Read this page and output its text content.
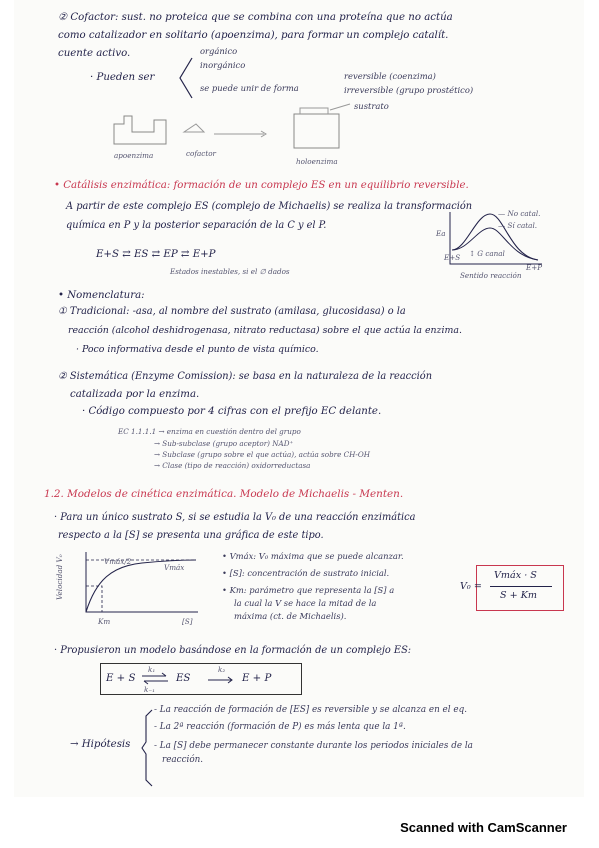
② Cofactor: sust. no proteica que se combina con una proteína que no actúa
como catalizador en solitario (apoenzima), para formar un complejo catalít.
cuente activo.	orgánico
inorgánico
· Pueden ser
se puede unir de forma
reversible (coenzima)
irreversible (grupo prostético)
sustrato
apoenzima	cofactor
holoenzima
• Catálisis enzimática: formación de un complejo ES en un equilibrio reversible.
A partir de este complejo ES (complejo de Michaelis) se realiza la transformación
química en P y la posterior separación de la C y el P.
E+S ⇄ ES ⇄ EP ⇄ E+P
Estados inestables, si el ∅ dados
— No catal.
— Sí catal.
Ea
E+S ↕ G canal
E+P
Sentido reacción
• Nomenclatura:
① Tradicional: -asa, al nombre del sustrato (amilasa, glucosidasa) o la
reacción (alcohol deshidrogenasa, nitrato reductasa) sobre el que actúa la enzima.
· Poco informativa desde el punto de vista químico.
② Sistemática (Enzyme Comission): se basa en la naturaleza de la reacción
catalizada por la enzima.
· Código compuesto por 4 cifras con el prefijo EC delante.
EC 1.1.1.1 → enzima en cuestión dentro del grupo
→ Sub-subclase (grupo aceptor) NAD⁺
→ Subclase (grupo sobre el que actúa), actúa sobre CH-OH
→ Clase (tipo de reacción) oxidorreductasa
1.2. Modelos de cinética enzimática. Modelo de Michaelis - Menten.
· Para un único sustrato S, si se estudia la V₀ de una reacción enzimática
respecto a la [S] se presenta una gráfica de este tipo.
Vmáx
Vmáx/2
Velocidad V₀
Km	[S]
• Vmáx: V₀ máxima que se puede alcanzar.
• [S]: concentración de sustrato inicial.
• Km: parámetro que representa la [S] a
la cual la V se hace la mitad de la
máxima (ct. de Michaelis).
V₀ =
Vmáx · S
S + Km
· Propusieron un modelo basándose en la formación de un complejo ES:
E + S
k₁
k₋₁
⇌ ES
k₂
E + P
→ Hipótesis
- La reacción de formación de [ES] es reversible y se alcanza en el eq.
- La 2ª reacción (formación de P) es más lenta que la 1ª.
- La [S] debe permanecer constante durante los periodos iniciales de la
reacción.
Scanned with CamScanner
